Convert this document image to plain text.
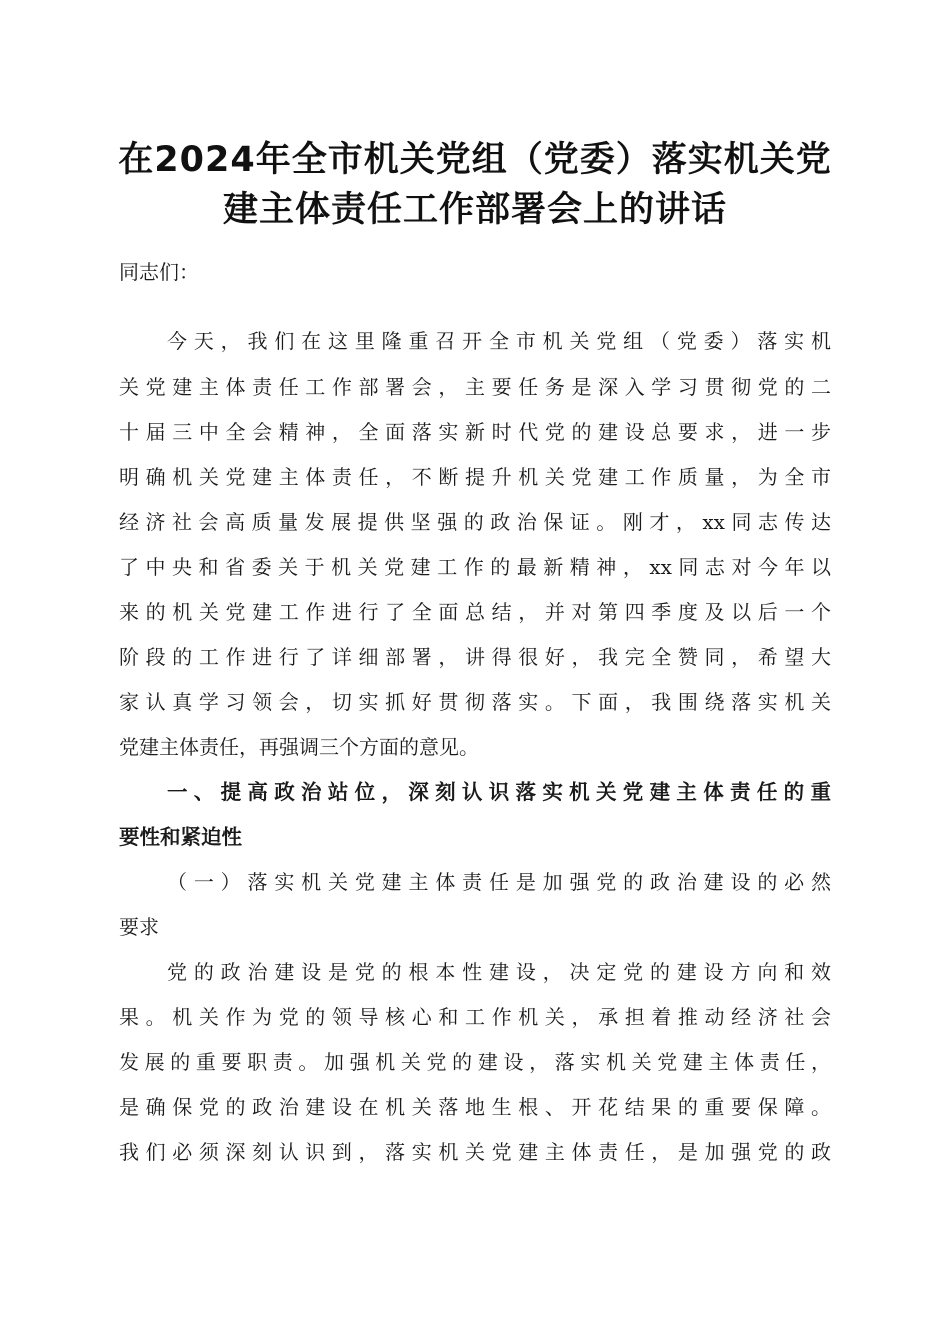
在2024年全市机关党组（党委）落实机关党
建主体责任工作部署会上的讲话
同志们：
今天，我们在这里隆重召开全市机关党组（党委）落实机
关党建主体责任工作部署会，主要任务是深入学习贯彻党的二
十届三中全会精神，全面落实新时代党的建设总要求，进一步
明确机关党建主体责任，不断提升机关党建工作质量，为全市
经济社会高质量发展提供坚强的政治保证。刚才，xx同志传达
了中央和省委关于机关党建工作的最新精神，xx同志对今年以
来的机关党建工作进行了全面总结，并对第四季度及以后一个
阶段的工作进行了详细部署，讲得很好，我完全赞同，希望大
家认真学习领会，切实抓好贯彻落实。下面，我围绕落实机关
党建主体责任，再强调三个方面的意见。
一、提高政治站位，深刻认识落实机关党建主体责任的重
要性和紧迫性
（一）落实机关党建主体责任是加强党的政治建设的必然
要求
党的政治建设是党的根本性建设，决定党的建设方向和效
果。机关作为党的领导核心和工作机关，承担着推动经济社会
发展的重要职责。加强机关党的建设，落实机关党建主体责任，
是确保党的政治建设在机关落地生根、开花结果的重要保障。
我们必须深刻认识到，落实机关党建主体责任，是加强党的政
